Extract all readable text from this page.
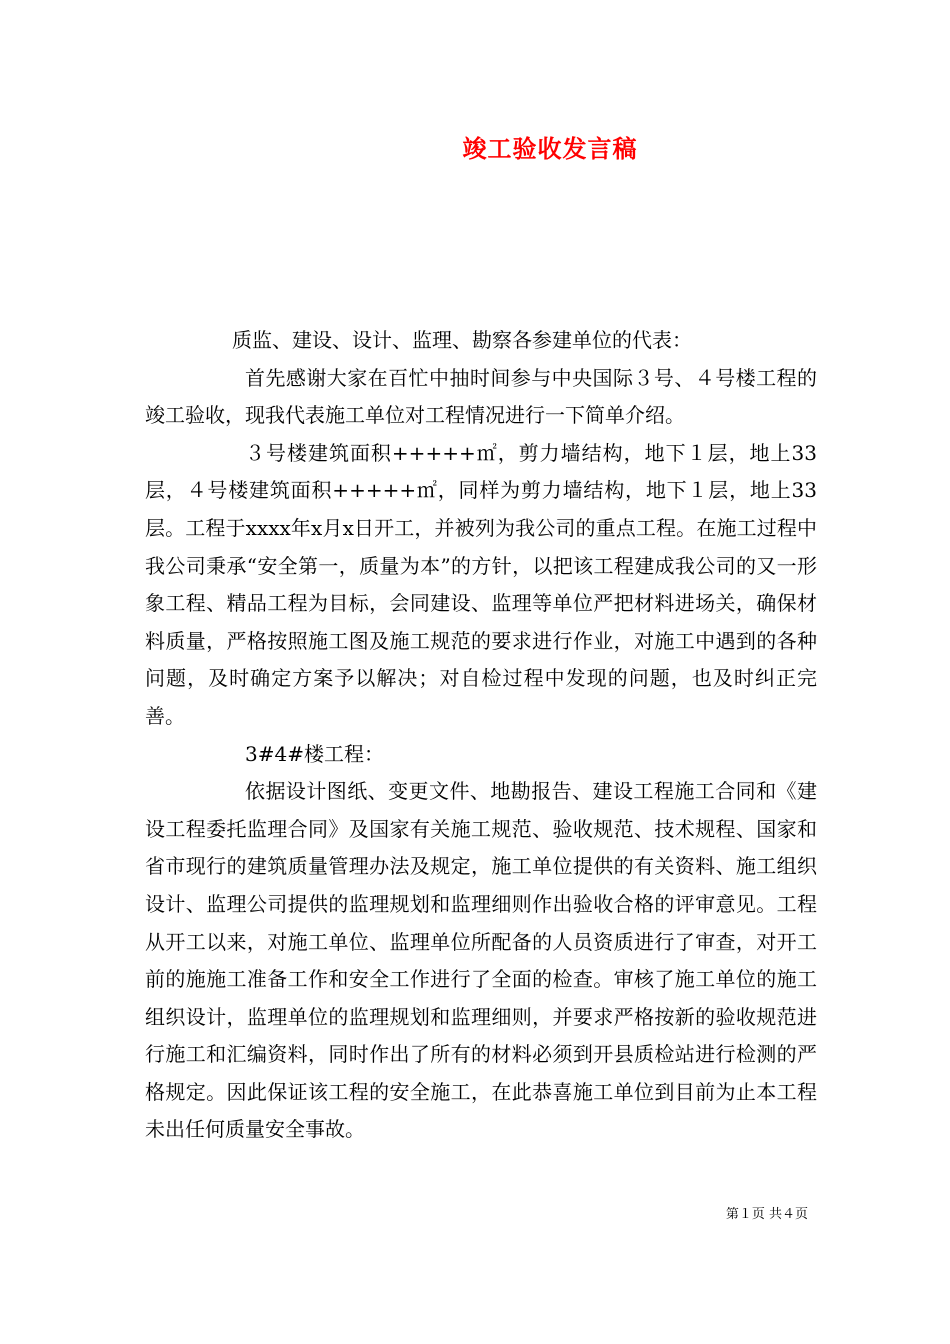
竣工验收发言稿

质监、建设、设计、监理、勘察各参建单位的代表：

首先感谢大家在百忙中抽时间参与中央国际３号、４号楼工程的竣工验收，现我代表施工单位对工程情况进行一下简单介绍。

３号楼建筑面积+++++㎡，剪力墙结构，地下１层，地上33层，４号楼建筑面积+++++㎡，同样为剪力墙结构，地下１层，地上33层。工程于xxxx年x月x日开工，并被列为我公司的重点工程。在施工过程中我公司秉承“安全第一，质量为本”的方针，以把该工程建成我公司的又一形象工程、精品工程为目标，会同建设、监理等单位严把材料进场关，确保材料质量，严格按照施工图及施工规范的要求进行作业，对施工中遇到的各种问题，及时确定方案予以解决；对自检过程中发现的问题，也及时纠正完善。

3#4#楼工程：

依据设计图纸、变更文件、地勘报告、建设工程施工合同和《建设工程委托监理合同》及国家有关施工规范、验收规范、技术规程、国家和省市现行的建筑质量管理办法及规定，施工单位提供的有关资料、施工组织设计、监理公司提供的监理规划和监理细则作出验收合格的评审意见。工程从开工以来，对施工单位、监理单位所配备的人员资质进行了审查，对开工前的施施工准备工作和安全工作进行了全面的检查。审核了施工单位的施工组织设计，监理单位的监理规划和监理细则，并要求严格按新的验收规范进行施工和汇编资料，同时作出了所有的材料必须到开县质检站进行检测的严格规定。因此保证该工程的安全施工，在此恭喜施工单位到目前为止本工程未出任何质量安全事故。

第１页 共４页
